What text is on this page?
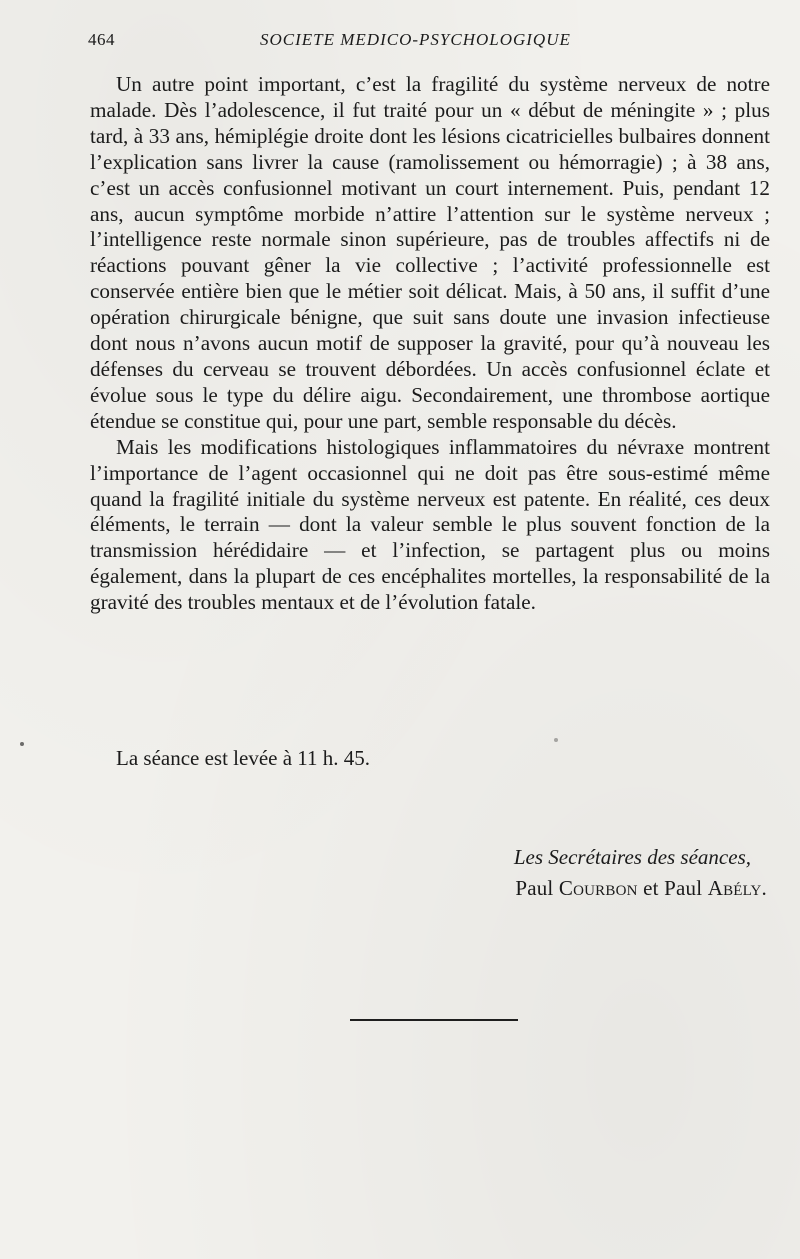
464	SOCIETE MEDICO-PSYCHOLOGIQUE

Un autre point important, c’est la fragilité du système nerveux de notre malade. Dès l’adolescence, il fut traité pour un « début de méningite » ; plus tard, à 33 ans, hémiplégie droite dont les lésions cicatricielles bulbaires donnent l’explication sans livrer la cause (ramolissement ou hémorragie) ; à 38 ans, c’est un accès confusionnel motivant un court internement. Puis, pendant 12 ans, aucun symptôme morbide n’attire l’attention sur le système nerveux ; l’intelligence reste normale sinon supérieure, pas de troubles affectifs ni de réactions pouvant gêner la vie collective ; l’activité professionnelle est conservée entière bien que le métier soit délicat. Mais, à 50 ans, il suffit d’une opération chirurgicale bénigne, que suit sans doute une invasion infectieuse dont nous n’avons aucun motif de supposer la gravité, pour qu’à nouveau les défenses du cerveau se trouvent débordées. Un accès confusionnel éclate et évolue sous le type du délire aigu. Secondairement, une thrombose aortique étendue se constitue qui, pour une part, semble responsable du décès.

Mais les modifications histologiques inflammatoires du névraxe montrent l’importance de l’agent occasionnel qui ne doit pas être sous-estimé même quand la fragilité initiale du système nerveux est patente. En réalité, ces deux éléments, le terrain — dont la valeur semble le plus souvent fonction de la transmission hérédidaire — et l’infection, se partagent plus ou moins également, dans la plupart de ces encéphalites mortelles, la responsabilité de la gravité des troubles mentaux et de l’évolution fatale.

La séance est levée à 11 h. 45.
Les Secrétaires des séances,
Paul Courbon et Paul Abély.
